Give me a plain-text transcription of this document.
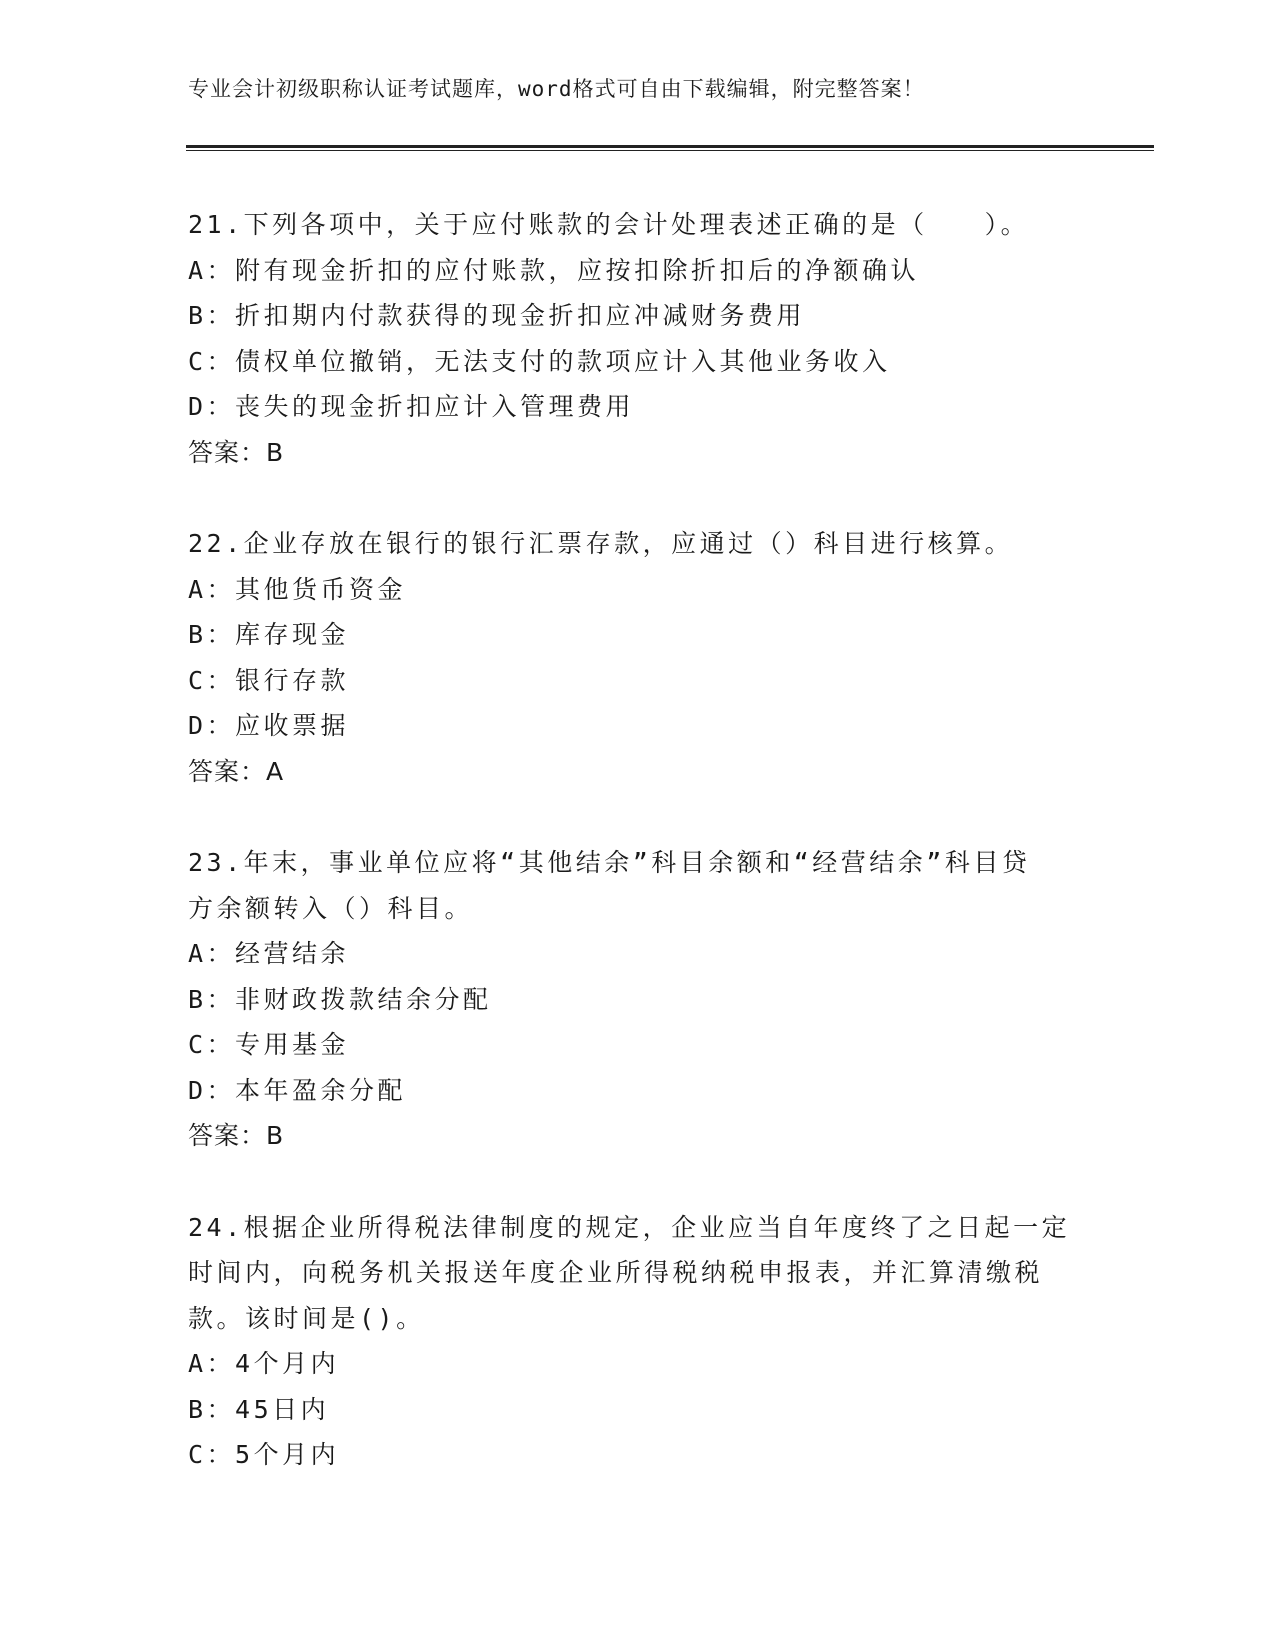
专业会计初级职称认证考试题库，word格式可自由下载编辑，附完整答案！
21.下列各项中，关于应付账款的会计处理表述正确的是（　　）。
A：附有现金折扣的应付账款，应按扣除折扣后的净额确认
B：折扣期内付款获得的现金折扣应冲减财务费用
C：债权单位撤销，无法支付的款项应计入其他业务收入
D：丧失的现金折扣应计入管理费用
答案：B
22.企业存放在银行的银行汇票存款，应通过（）科目进行核算。
A：其他货币资金
B：库存现金
C：银行存款
D：应收票据
答案：A
23.年末，事业单位应将“其他结余”科目余额和“经营结余”科目贷
方余额转入（）科目。
A：经营结余
B：非财政拨款结余分配
C：专用基金
D：本年盈余分配
答案：B
24.根据企业所得税法律制度的规定，企业应当自年度终了之日起一定
时间内，向税务机关报送年度企业所得税纳税申报表，并汇算清缴税
款。该时间是()。
A：4个月内
B：45日内
C：5个月内
